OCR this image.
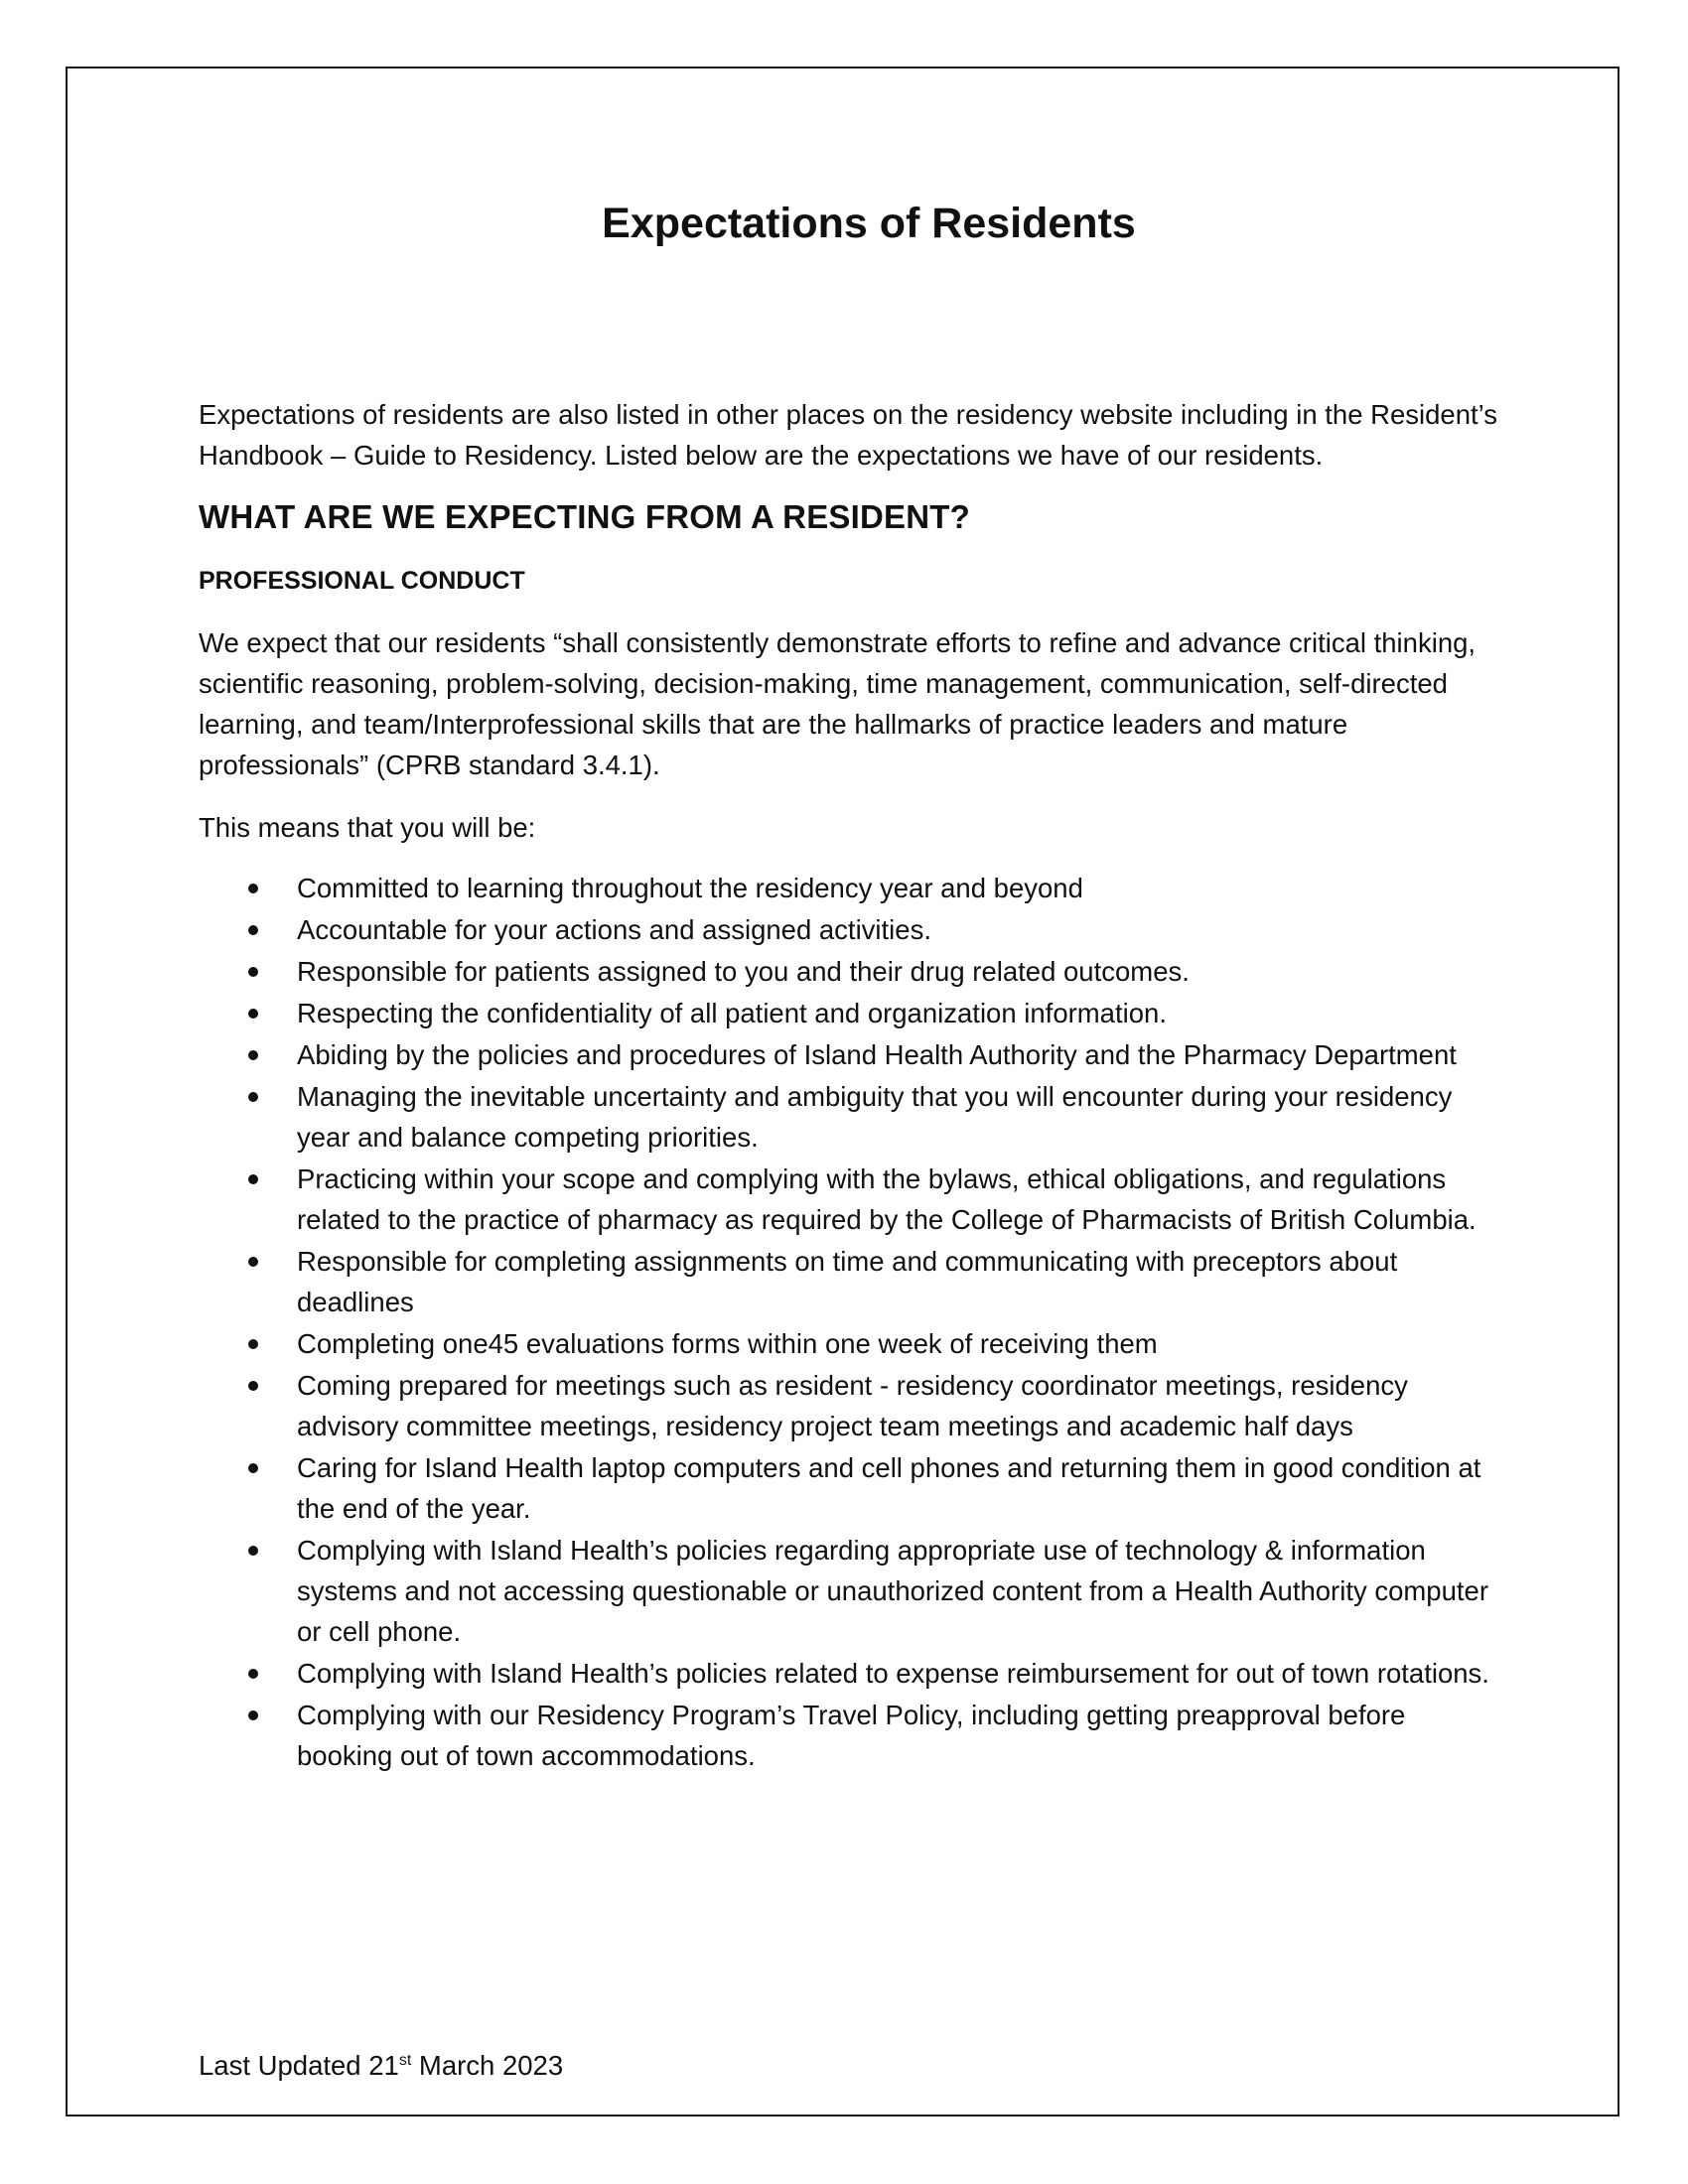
Expectations of Residents

Expectations of residents are also listed in other places on the residency website including in the Resident’s Handbook – Guide to Residency. Listed below are the expectations we have of our residents.

WHAT ARE WE EXPECTING FROM A RESIDENT?
PROFESSIONAL CONDUCT

We expect that our residents “shall consistently demonstrate efforts to refine and advance critical thinking, scientific reasoning, problem-solving, decision-making, time management, communication, self-directed learning, and team/Interprofessional skills that are the hallmarks of practice leaders and mature professionals” (CPRB standard 3.4.1).

This means that you will be:

Committed to learning throughout the residency year and beyond
Accountable for your actions and assigned activities.
Responsible for patients assigned to you and their drug related outcomes.
Respecting the confidentiality of all patient and organization information.
Abiding by the policies and procedures of Island Health Authority and the Pharmacy Department
Managing the inevitable uncertainty and ambiguity that you will encounter during your residency year and balance competing priorities.
Practicing within your scope and complying with the bylaws, ethical obligations, and regulations related to the practice of pharmacy as required by the College of Pharmacists of British Columbia.
Responsible for completing assignments on time and communicating with preceptors about deadlines
Completing one45 evaluations forms within one week of receiving them
Coming prepared for meetings such as resident - residency coordinator meetings, residency advisory committee meetings, residency project team meetings and academic half days
Caring for Island Health laptop computers and cell phones and returning them in good condition at the end of the year.
Complying with Island Health’s policies regarding appropriate use of technology & information systems and not accessing questionable or unauthorized content from a Health Authority computer or cell phone.
Complying with Island Health’s policies related to expense reimbursement for out of town rotations.
Complying with our Residency Program’s Travel Policy, including getting preapproval before booking out of town accommodations.
Last Updated 21st March 2023
